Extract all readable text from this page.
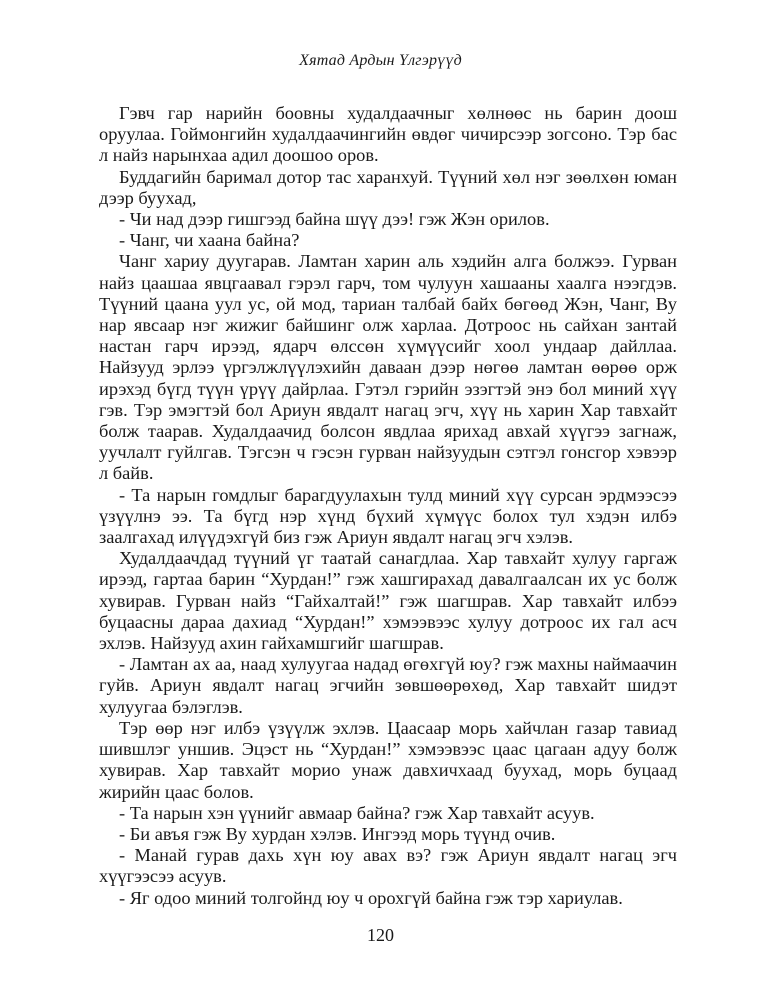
Хятад Ардын Үлгэрүүд

Гэвч гар нарийн боовны худалдаачныг хөлнөөс нь барин доош оруулаа. Гоймонгийн худалдаачингийн өвдөг чичирсээр зогсоно. Тэр бас л найз нарынхаа адил доошоо оров.

Буддагийн баримал дотор тас харанхуй. Түүний хөл нэг зөөлхөн юман дээр буухад,

- Чи над дээр гишгээд байна шүү дээ! гэж Жэн орилов.

- Чанг, чи хаана байна?

Чанг хариу дуугарав. Ламтан харин аль хэдийн алга болжээ. Гурван найз цаашаа явцгаавал гэрэл гарч, том чулуун хашааны хаалга нээгдэв. Түүний цаана уул ус, ой мод, тариан талбай байх бөгөөд Жэн, Чанг, Ву нар явсаар нэг жижиг байшинг олж харлаа. Дотроос нь сайхан зантай настан гарч ирээд, ядарч өлссөн хүмүүсийг хоол ундаар дайллаа. Найзууд эрлээ үргэлжлүүлэхийн даваан дээр нөгөө ламтан өөрөө орж ирэхэд бүгд түүн үрүү дайрлаа. Гэтэл гэрийн эзэгтэй энэ бол миний хүү гэв. Тэр эмэгтэй бол Ариун явдалт нагац эгч, хүү нь харин Хар тавхайт болж таарав. Худалдаачид болсон явдлаа ярихад авхай хүүгээ загнаж, уучлалт гуйлгав. Тэгсэн ч гэсэн гурван найзуудын сэтгэл гонсгор хэвээр л байв.

- Та нарын гомдлыг барагдуулахын тулд миний хүү сурсан эрдмээсээ үзүүлнэ ээ. Та бүгд нэр хүнд бүхий хүмүүс болох тул хэдэн илбэ заалгахад илүүдэхгүй биз гэж Ариун явдалт нагац эгч хэлэв.

Худалдаачдад түүний үг таатай санагдлаа. Хар тавхайт хулуу гаргаж ирээд, гартаа барин “Хурдан!” гэж хашгирахад давалгаалсан их ус болж хувирав. Гурван найз “Гайхалтай!” гэж шагшрав. Хар тавхайт илбээ буцаасны дараа дахиад “Хурдан!” хэмээвээс хулуу дотроос их гал асч эхлэв. Найзууд ахин гайхамшгийг шагшрав.

- Ламтан ах аа, наад хулуугаа надад өгөхгүй юу? гэж махны наймаачин гуйв. Ариун явдалт нагац эгчийн зөвшөөрөхөд, Хар тавхайт шидэт хулуугаа бэлэглэв.

Тэр өөр нэг илбэ үзүүлж эхлэв. Цаасаар морь хайчлан газар тавиад шившлэг уншив. Эцэст нь “Хурдан!” хэмээвээс цаас цагаан адуу болж хувирав. Хар тавхайт морио унаж давхичхаад буухад, морь буцаад жирийн цаас болов.

- Та нарын хэн үүнийг авмаар байна? гэж Хар тавхайт асуув.

- Би авъя гэж Ву хурдан хэлэв. Ингээд морь түүнд очив.

- Манай гурав дахь хүн юу авах вэ? гэж Ариун явдалт нагац эгч хүүгээсээ асуув.

- Яг одоо миний толгойнд юу ч орохгүй байна гэж тэр хариулав.

120
